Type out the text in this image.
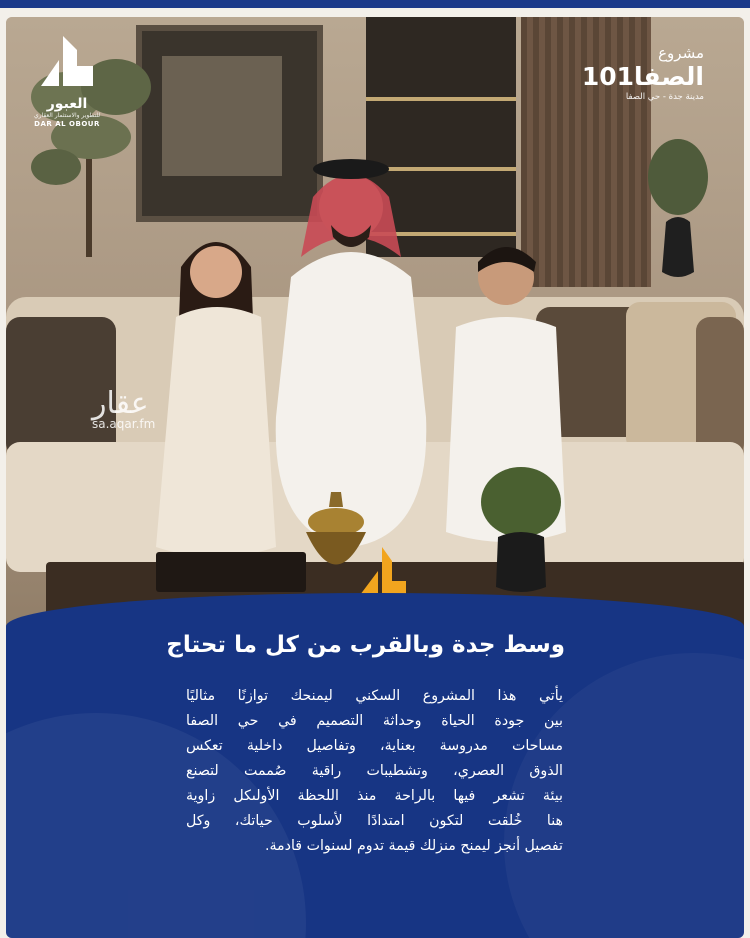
العبور
للتطوير والاستثمار العقاري
DAR AL OBOUR
مشروع
الصفا101
مدينة جدة - حي الصفا
عقار
sa.aqar.fm
وسط جدة وبالقرب من كل ما تحتاج
يأتي هذا المشروع السكني ليمنحك توازنًا مثاليًا
بين جودة الحياة وحداثة التصميم في حي الصفا
مساحات مدروسة بعناية، وتفاصيل داخلية تعكس
الذوق العصري، وتشطيبات راقية صُممت لتصنع
بيئة تشعر فيها بالراحة منذ اللحظة الأولىكل زاوية
هنا خُلقت لتكون امتدادًا لأسلوب حياتك، وكل
تفصيل أنجز ليمنح منزلك قيمة تدوم لسنوات قادمة.
